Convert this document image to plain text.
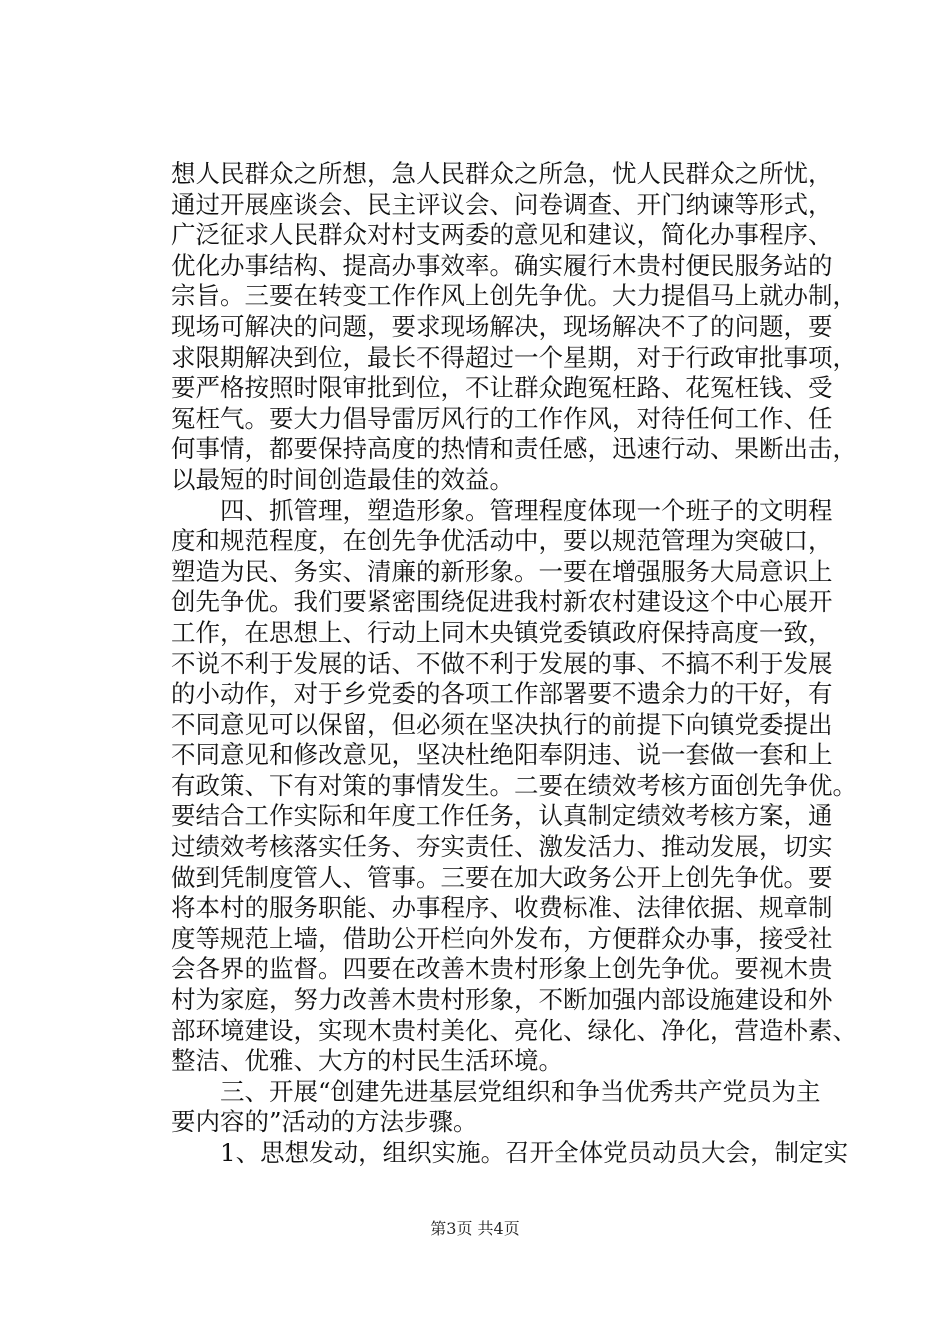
想人民群众之所想，急人民群众之所急，忧人民群众之所忧，
通过开展座谈会、民主评议会、问卷调查、开门纳谏等形式，
广泛征求人民群众对村支两委的意见和建议，简化办事程序、
优化办事结构、提高办事效率。确实履行木贵村便民服务站的
宗旨。三要在转变工作作风上创先争优。大力提倡马上就办制，
现场可解决的问题，要求现场解决，现场解决不了的问题，要
求限期解决到位，最长不得超过一个星期，对于行政审批事项，
要严格按照时限审批到位，不让群众跑冤枉路、花冤枉钱、受
冤枉气。要大力倡导雷厉风行的工作作风，对待任何工作、任
何事情，都要保持高度的热情和责任感，迅速行动、果断出击，
以最短的时间创造最佳的效益。
　　四、抓管理，塑造形象。管理程度体现一个班子的文明程
度和规范程度，在创先争优活动中，要以规范管理为突破口，
塑造为民、务实、清廉的新形象。一要在增强服务大局意识上
创先争优。我们要紧密围绕促进我村新农村建设这个中心展开
工作，在思想上、行动上同木央镇党委镇政府保持高度一致，
不说不利于发展的话、不做不利于发展的事、不搞不利于发展
的小动作，对于乡党委的各项工作部署要不遗余力的干好，有
不同意见可以保留，但必须在坚决执行的前提下向镇党委提出
不同意见和修改意见，坚决杜绝阳奉阴违、说一套做一套和上
有政策、下有对策的事情发生。二要在绩效考核方面创先争优。
要结合工作实际和年度工作任务，认真制定绩效考核方案，通
过绩效考核落实任务、夯实责任、激发活力、推动发展，切实
做到凭制度管人、管事。三要在加大政务公开上创先争优。要
将本村的服务职能、办事程序、收费标准、法律依据、规章制
度等规范上墙，借助公开栏向外发布，方便群众办事，接受社
会各界的监督。四要在改善木贵村形象上创先争优。要视木贵
村为家庭，努力改善木贵村形象，不断加强内部设施建设和外
部环境建设，实现木贵村美化、亮化、绿化、净化，营造朴素、
整洁、优雅、大方的村民生活环境。
　　三、开展“创建先进基层党组织和争当优秀共产党员为主
要内容的”活动的方法步骤。
　　1、思想发动，组织实施。召开全体党员动员大会，制定实
第3页 共4页
